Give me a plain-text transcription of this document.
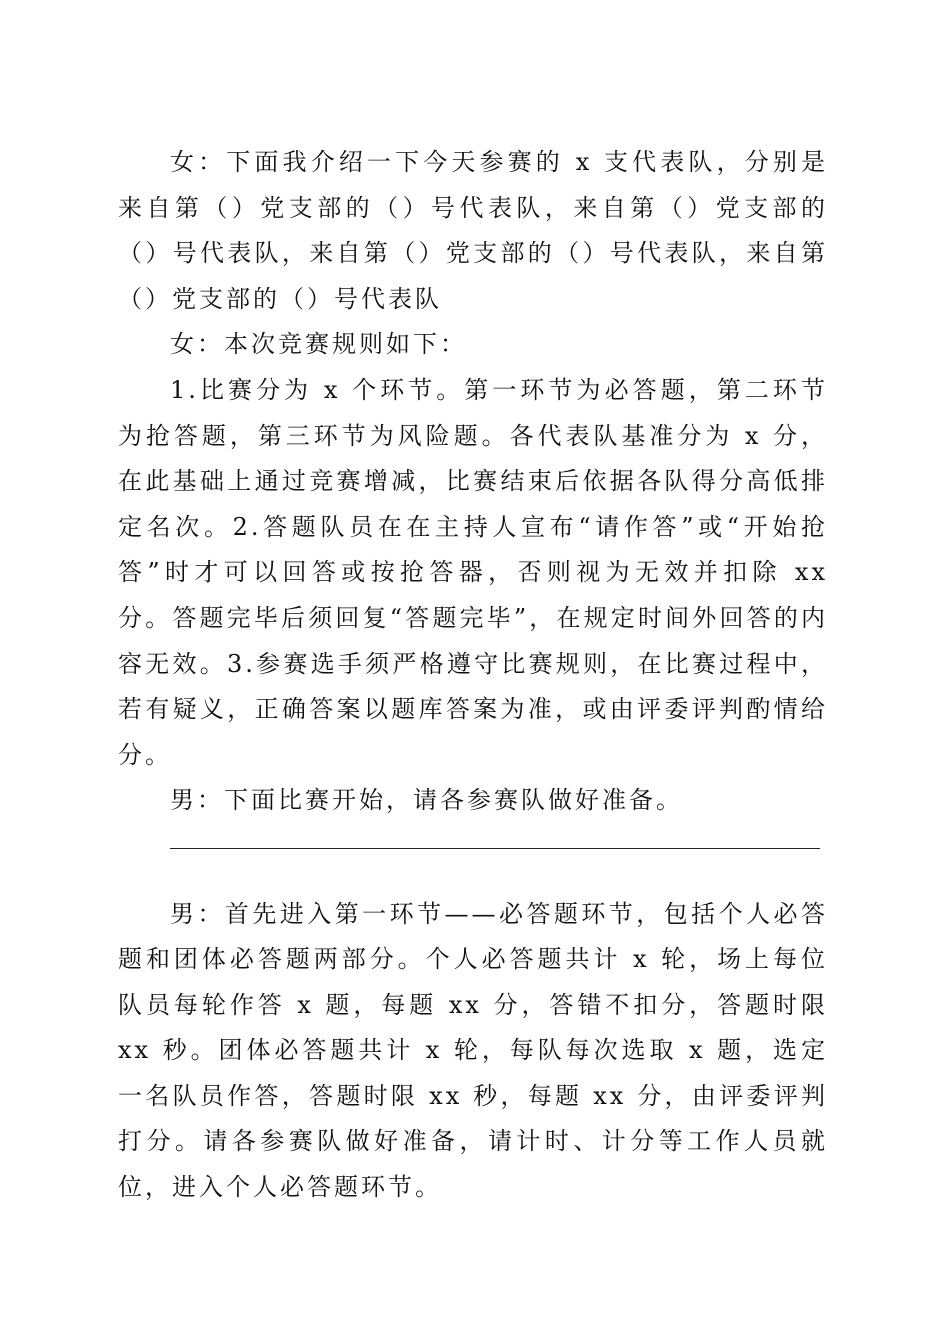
女：下面我介绍一下今天参赛的 x 支代表队，分别是来自第（）党支部的（）号代表队，来自第（）党支部的（）号代表队，来自第（）党支部的（）号代表队，来自第（）党支部的（）号代表队

女：本次竞赛规则如下：

1.比赛分为 x 个环节。第一环节为必答题，第二环节为抢答题，第三环节为风险题。各代表队基准分为 x 分，在此基础上通过竞赛增减，比赛结束后依据各队得分高低排定名次。2.答题队员在在主持人宣布“请作答”或“开始抢答”时才可以回答或按抢答器，否则视为无效并扣除 xx 分。答题完毕后须回复“答题完毕”，在规定时间外回答的内容无效。3.参赛选手须严格遵守比赛规则，在比赛过程中，若有疑义，正确答案以题库答案为准，或由评委评判酌情给分。

男：下面比赛开始，请各参赛队做好准备。

男：首先进入第一环节——必答题环节，包括个人必答题和团体必答题两部分。个人必答题共计 x 轮，场上每位队员每轮作答 x 题，每题 xx 分，答错不扣分，答题时限 xx 秒。团体必答题共计 x 轮，每队每次选取 x 题，选定一名队员作答，答题时限 xx 秒，每题 xx 分，由评委评判打分。请各参赛队做好准备，请计时、计分等工作人员就位，进入个人必答题环节。
